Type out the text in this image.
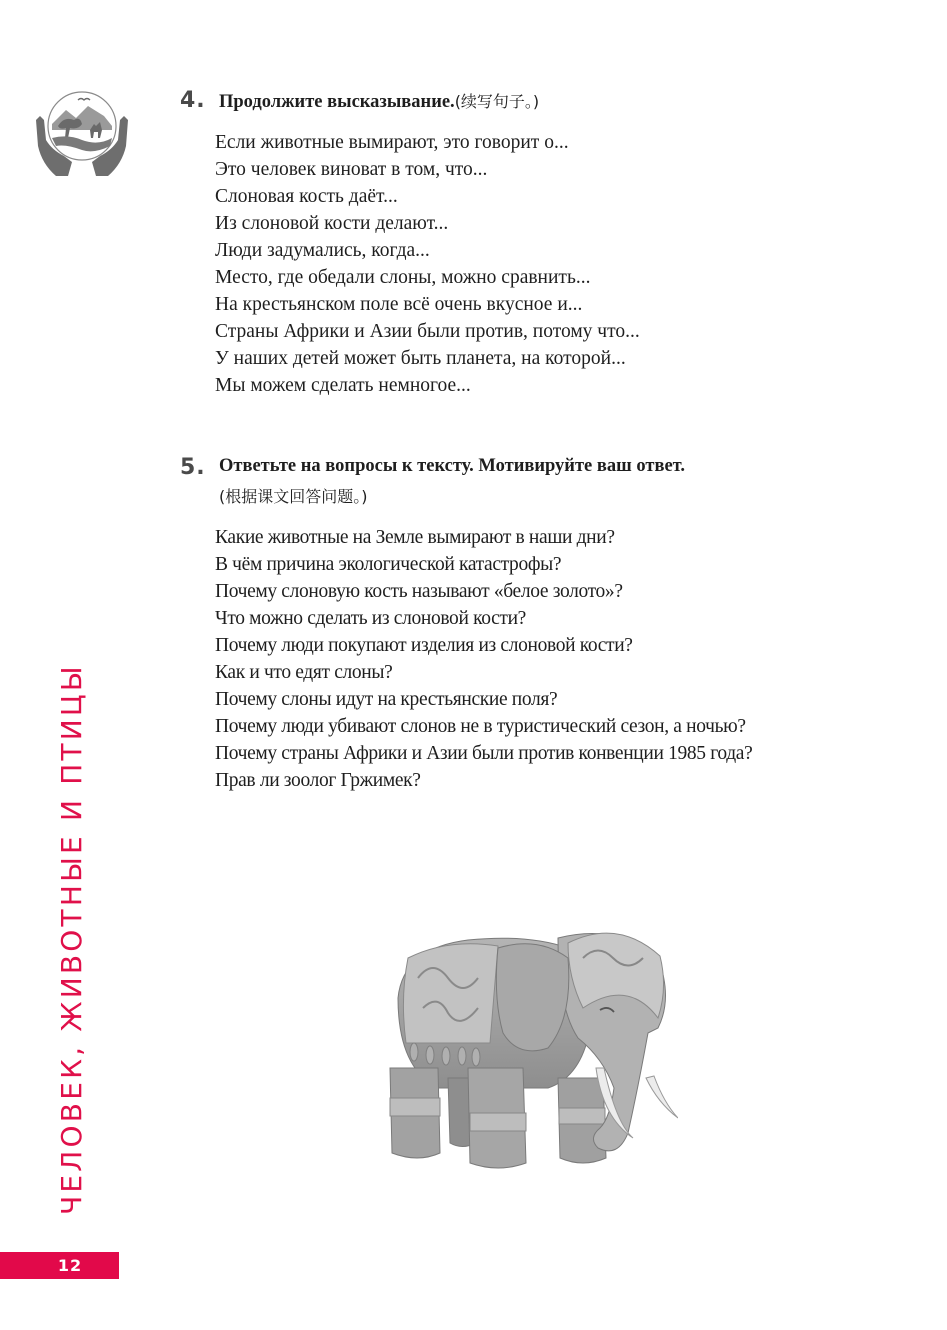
4. Продолжите высказывание.(续写句子。)
Если животные вымирают, это говорит о...
Это человек виноват в том, что...
Слоновая кость даёт...
Из слоновой кости делают...
Люди задумались, когда...
Место, где обедали слоны, можно сравнить...
На крестьянском поле всё очень вкусное и...
Страны Африки и Азии были против, потому что...
У наших детей может быть планета, на которой...
Мы можем сделать немногое...
5. Ответьте на вопросы к тексту. Мотивируйте ваш ответ.
(根据课文回答问题。)
Какие животные на Земле вымирают в наши дни?
В чём причина экологической катастрофы?
Почему слоновую кость называют «белое золото»?
Что можно сделать из слоновой кости?
Почему люди покупают изделия из слоновой кости?
Как и что едят слоны?
Почему слоны идут на крестьянские поля?
Почему люди убивают слонов не в туристический сезон, а ночью?
Почему страны Африки и Азии были против конвенции 1985 года?
Прав ли зоолог Гржимек?
ЧЕЛОВЕК, ЖИВОТНЫЕ И ПТИЦЫ
12
